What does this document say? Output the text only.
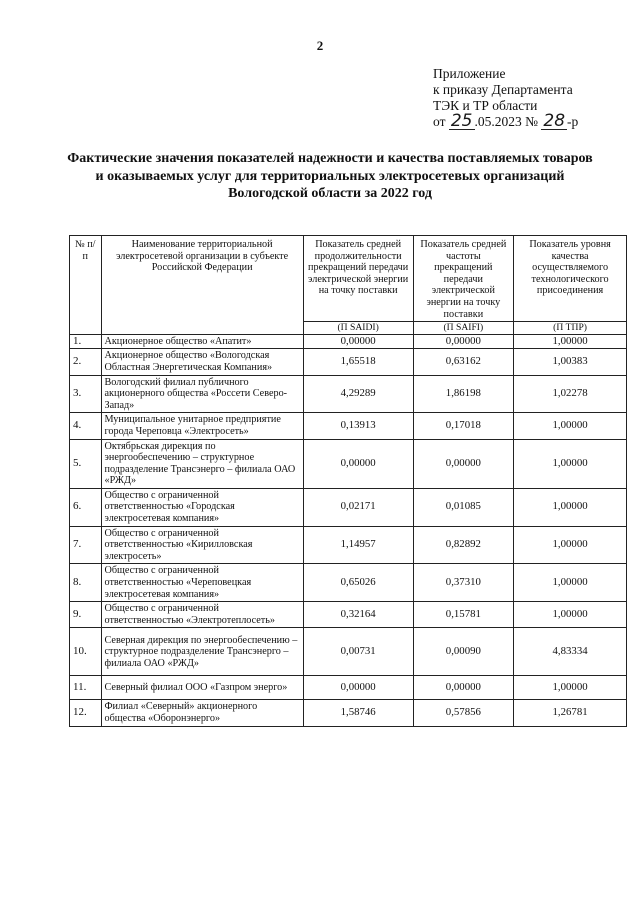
2
Приложение
к приказу Департамента
ТЭК и ТР области
от 25 .05.2023 № 28 -р
Фактические значения показателей надежности и качества поставляемых товаров
и оказываемых услуг для территориальных электросетевых организаций
Вологодской области за 2022 год
№ п/п	Наименование территориальной электросетевой организации в субъекте Российской Федерации	Показатель средней продолжительности прекращений передачи электрической энергии на точку поставки	Показатель средней частоты прекращений передачи электрической энергии на точку поставки	Показатель уровня качества осуществляемого технологического присоединения
		(П SAIDI)	(П SAIFI)	(П ТПР)
1.	Акционерное общество «Апатит»	0,00000	0,00000	1,00000
2.	Акционерное общество «Вологодская Областная Энергетическая Компания»	1,65518	0,63162	1,00383
3.	Вологодский филиал публичного акционерного общества «Россети Северо-Запад»	4,29289	1,86198	1,02278
4.	Муниципальное унитарное предприятие города Череповца «Электросеть»	0,13913	0,17018	1,00000
5.	Октябрьская дирекция по энергообеспечению – структурное подразделение Трансэнерго – филиала ОАО «РЖД»	0,00000	0,00000	1,00000
6.	Общество с ограниченной ответственностью «Городская электросетевая компания»	0,02171	0,01085	1,00000
7.	Общество с ограниченной ответственностью «Кирилловская электросеть»	1,14957	0,82892	1,00000
8.	Общество с ограниченной ответственностью «Череповецкая электросетевая компания»	0,65026	0,37310	1,00000
9.	Общество с ограниченной ответственностью «Электротеплосеть»	0,32164	0,15781	1,00000
10.	Северная дирекция по энергообеспечению – структурное подразделение Трансэнерго – филиала ОАО «РЖД»	0,00731	0,00090	4,83334
11.	Северный филиал ООО «Газпром энерго»	0,00000	0,00000	1,00000
12.	Филиал «Северный» акционерного общества «Оборонэнерго»	1,58746	0,57856	1,26781
